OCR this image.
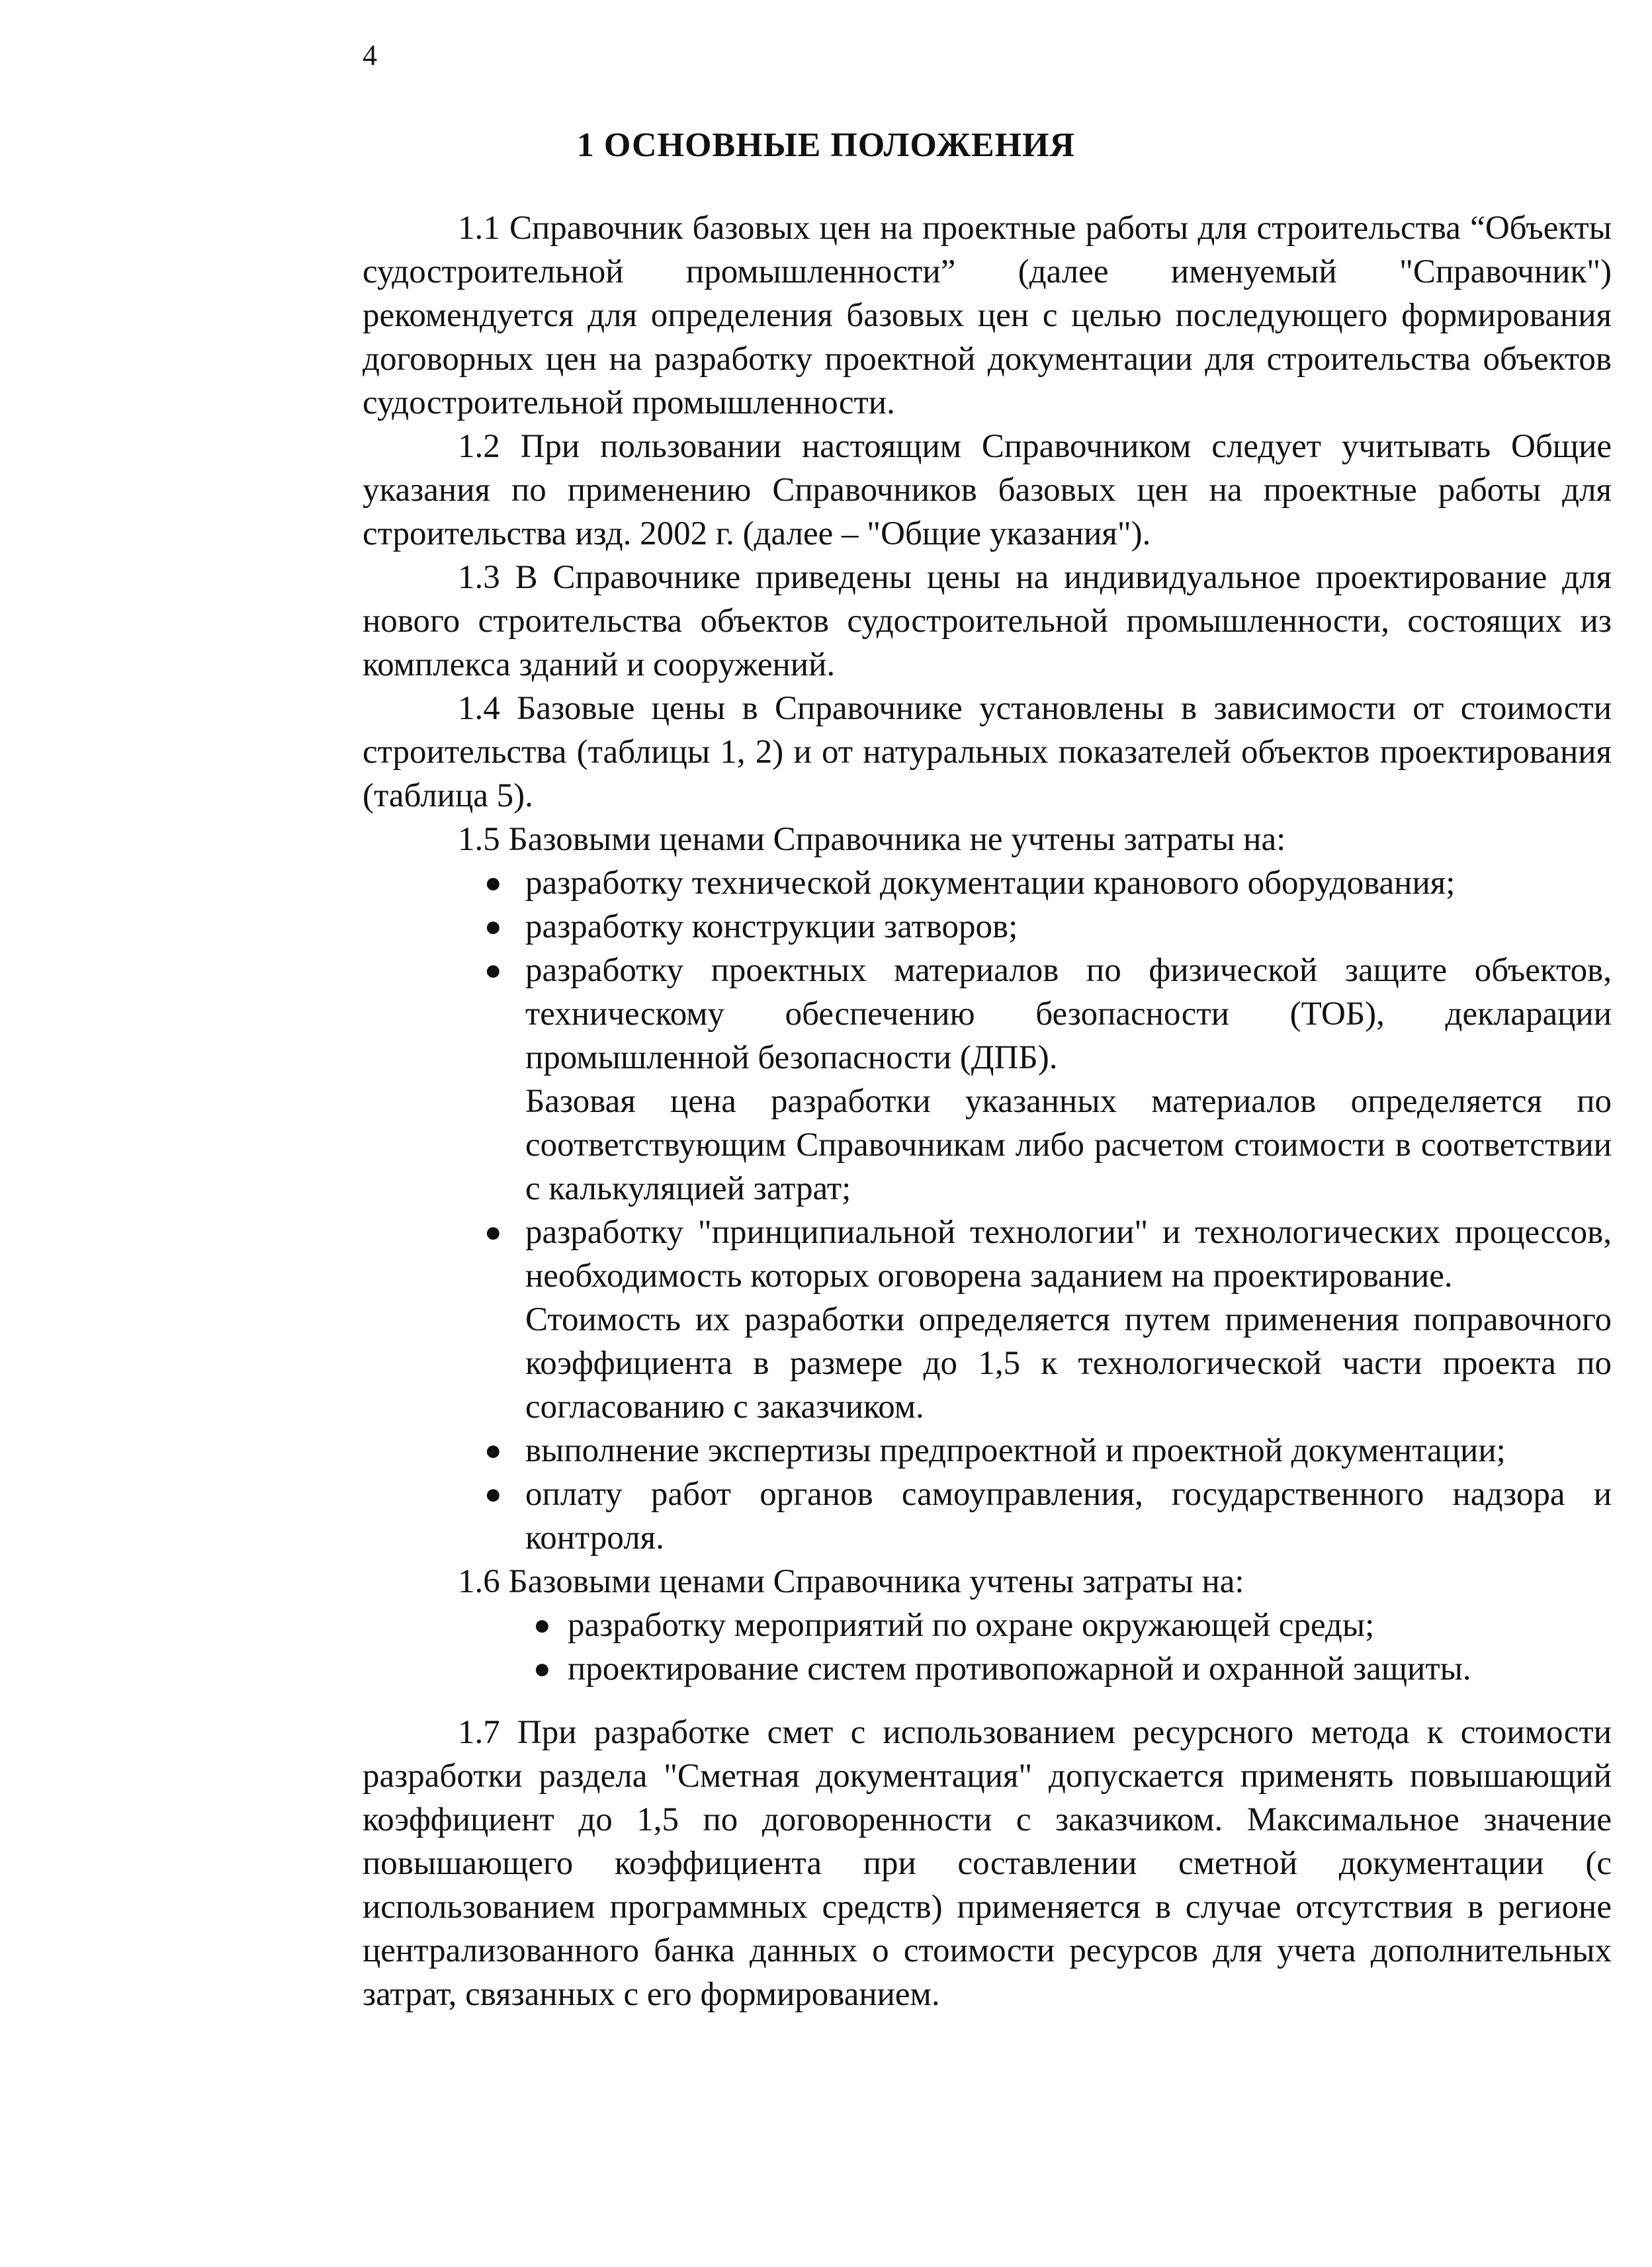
4
1 ОСНОВНЫЕ ПОЛОЖЕНИЯ

1.1 Справочник базовых цен на проектные работы для строительства “Объекты судостроительной промышленности” (далее именуемый "Справочник") рекомендуется для определения базовых цен с целью последующего формирования договорных цен на разработку проектной документации для строительства объектов судостроительной промышленности.

1.2 При пользовании настоящим Справочником следует учитывать Общие указания по применению Справочников базовых цен на проектные работы для строительства изд. 2002 г. (далее – "Общие указания").

1.3 В Справочнике приведены цены на индивидуальное проектирование для нового строительства объектов судостроительной промышленности, состоящих из комплекса зданий и сооружений.

1.4 Базовые цены в Справочнике установлены в зависимости от стоимости строительства (таблицы 1, 2) и от натуральных показателей объектов проектирования (таблица 5).

1.5 Базовыми ценами Справочника не учтены затраты на:

● разработку технической документации кранового оборудования;
● разработку конструкции затворов;
● разработку проектных материалов по физической защите объектов, техническому обеспечению безопасности (ТОБ), декларации промышленной безопасности (ДПБ).

Базовая цена разработки указанных материалов определяется по соответствующим Справочникам либо расчетом стоимости в соответствии с калькуляцией затрат;

● разработку "принципиальной технологии" и технологических процессов, необходимость которых оговорена заданием на проектирование.

Стоимость их разработки определяется путем применения поправочного коэффициента в размере до 1,5 к технологической части проекта по согласованию с заказчиком.

● выполнение экспертизы предпроектной и проектной документации;
● оплату работ органов самоуправления, государственного надзора и контроля.

1.6 Базовыми ценами Справочника учтены затраты на:

● разработку мероприятий по охране окружающей среды;
● проектирование систем противопожарной и охранной защиты.

1.7 При разработке смет с использованием ресурсного метода к стоимости разработки раздела "Сметная документация" допускается применять повышающий коэффициент до 1,5 по договоренности с заказчиком. Максимальное значение повышающего коэффициента при составлении сметной документации (с использованием программных средств) применяется в случае отсутствия в регионе централизованного банка данных о стоимости ресурсов для учета дополнительных затрат, связанных с его формированием.
